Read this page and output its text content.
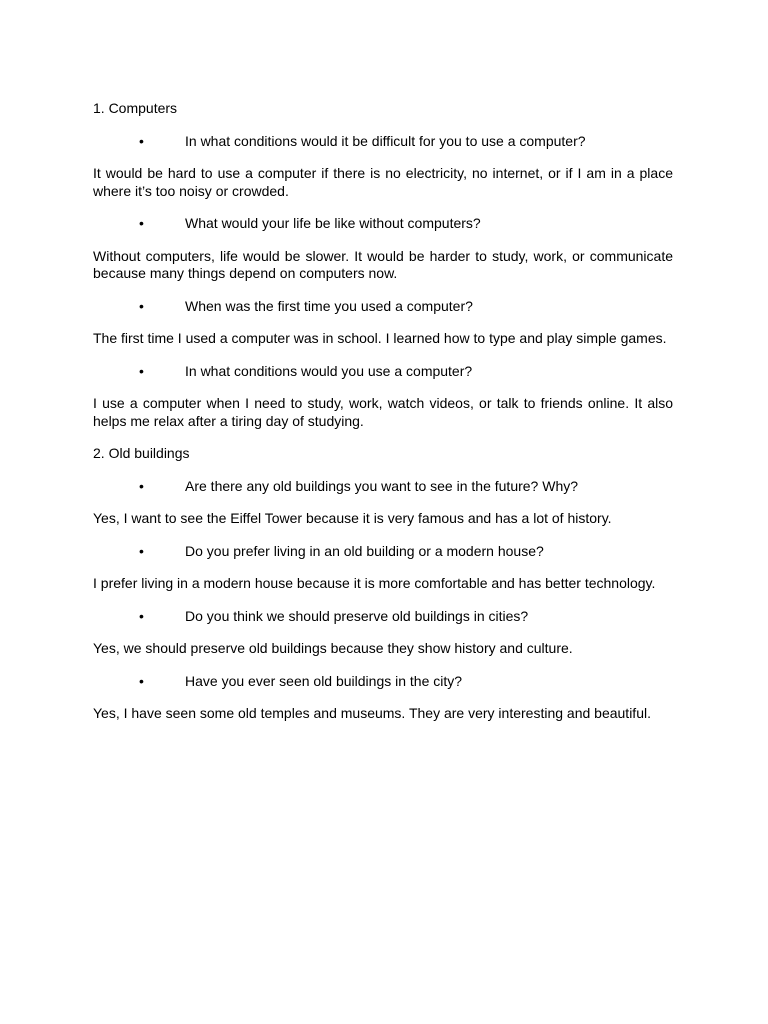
1. Computers
•	In what conditions would it be difficult for you to use a computer?
It would be hard to use a computer if there is no electricity, no internet, or if I am in a place where it’s too noisy or crowded.
•	What would your life be like without computers?
Without computers, life would be slower. It would be harder to study, work, or communicate because many things depend on computers now.
•	When was the first time you used a computer?
The first time I used a computer was in school. I learned how to type and play simple games.
•	In what conditions would you use a computer?
I use a computer when I need to study, work, watch videos, or talk to friends online. It also helps me relax after a tiring day of studying.
2. Old buildings
•	Are there any old buildings you want to see in the future? Why?
Yes, I want to see the Eiffel Tower because it is very famous and has a lot of history.
•	Do you prefer living in an old building or a modern house?
I prefer living in a modern house because it is more comfortable and has better technology.
•	Do you think we should preserve old buildings in cities?
Yes, we should preserve old buildings because they show history and culture.
•	Have you ever seen old buildings in the city?
Yes, I have seen some old temples and museums. They are very interesting and beautiful.
